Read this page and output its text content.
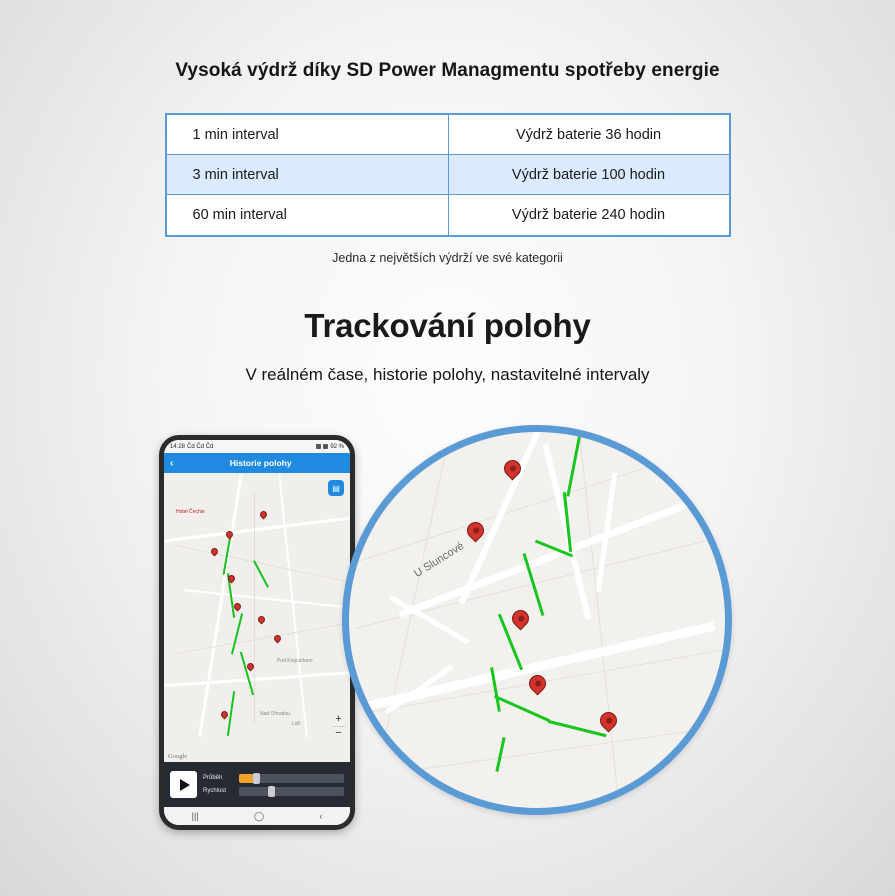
Vysoká výdrž díky SD Power Managmentu spotřeby energie
1 min interval	Výdrž baterie 36 hodin
3 min interval	Výdrž baterie 100 hodin
60 min interval	Výdrž baterie 240 hodin
Jedna z největších výdrží ve své kategorii
Trackování polohy
V reálném čase, historie polohy, nastavitelné intervaly
14:28 Čd Čd Čd	92 %
‹	Historie polohy
Hotel Čechie
Pod Krejcárkem
Nad Ohradou
Lidl
▤
+
−
Google
Průběh
Rychlost
|||	◯	‹
U Sluncové
